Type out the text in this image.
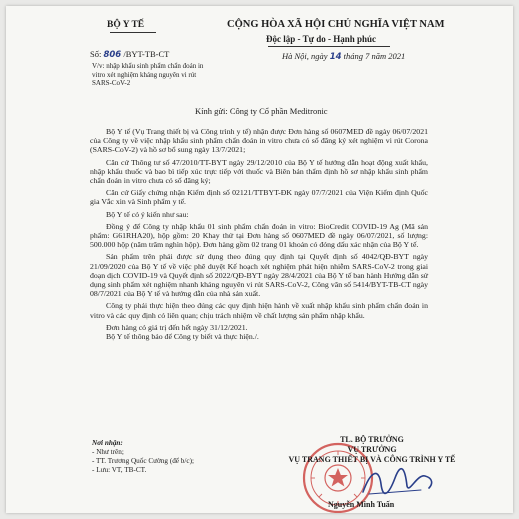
BỘ Y TẾ	CỘNG HÒA XÃ HỘI CHỦ NGHĨA VIỆT NAM
Độc lập - Tự do - Hạnh phúc
Số: 806 /BYT-TB-CT	Hà Nội, ngày 14 tháng 7 năm 2021
V/v: nhập khẩu sinh phẩm chẩn đoán in vitro xét nghiệm kháng nguyên vi rút SARS-CoV-2
Kính gửi: Công ty Cổ phần Meditronic

Bộ Y tế (Vụ Trang thiết bị và Công trình y tế) nhận được Đơn hàng số 0607MED đề ngày 06/07/2021 của Công ty về việc nhập khẩu sinh phẩm chẩn đoán in vitro chưa có số đăng ký xét nghiệm vi rút Corona (SARS-CoV-2) và hồ sơ bổ sung ngày 13/7/2021;

Căn cứ Thông tư số 47/2010/TT-BYT ngày 29/12/2010 của Bộ Y tế hướng dẫn hoạt động xuất khẩu, nhập khẩu thuốc và bao bì tiếp xúc trực tiếp với thuốc và Biên bản thẩm định hồ sơ nhập khẩu sinh phẩm chẩn đoán in vitro chưa có số đăng ký;

Căn cứ Giấy chứng nhận Kiểm định số 02121/TTBYT-ĐK ngày 07/7/2021 của Viện Kiểm định Quốc gia Vắc xin và Sinh phẩm y tế.

Bộ Y tế có ý kiến như sau:

Đồng ý để Công ty nhập khẩu 01 sinh phẩm chẩn đoán in vitro: BioCredit COVID-19 Ag (Mã sản phẩm: G61RHA20), hộp gồm: 20 Khay thử tại Đơn hàng số 0607MED đề ngày 06/07/2021, số lượng: 500.000 hộp (năm trăm nghìn hộp). Đơn hàng gồm 02 trang 01 khoản có đóng dấu xác nhận của Bộ Y tế.

Sản phẩm trên phải được sử dụng theo đúng quy định tại Quyết định số 4042/QĐ-BYT ngày 21/09/2020 của Bộ Y tế về việc phê duyệt Kế hoạch xét nghiệm phát hiện nhiễm SARS-CoV-2 trong giai đoạn dịch COVID-19 và Quyết định số 2022/QĐ-BYT ngày 28/4/2021 của Bộ Y tế ban hành Hướng dẫn sử dụng sinh phẩm xét nghiệm nhanh kháng nguyên vi rút SARS-CoV-2, Công văn số 5414/BYT-TB-CT ngày 08/7/2021 của Bộ Y tế và hướng dẫn của nhà sản xuất.

Công ty phải thực hiện theo đúng các quy định hiện hành về xuất nhập khẩu sinh phẩm chẩn đoán in vitro và các quy định có liên quan; chịu trách nhiệm về chất lượng sản phẩm nhập khẩu.

Đơn hàng có giá trị đến hết ngày 31/12/2021.

Bộ Y tế thông báo để Công ty biết và thực hiện./.

Nơi nhận:
- Như trên;
- TT. Trương Quốc Cường (để b/c);
- Lưu: VT, TB-CT.
TL. BỘ TRƯỞNG
VỤ TRƯỞNG
VỤ TRANG THIẾT BỊ VÀ CÔNG TRÌNH Y TẾ
Nguyễn Minh Tuấn
